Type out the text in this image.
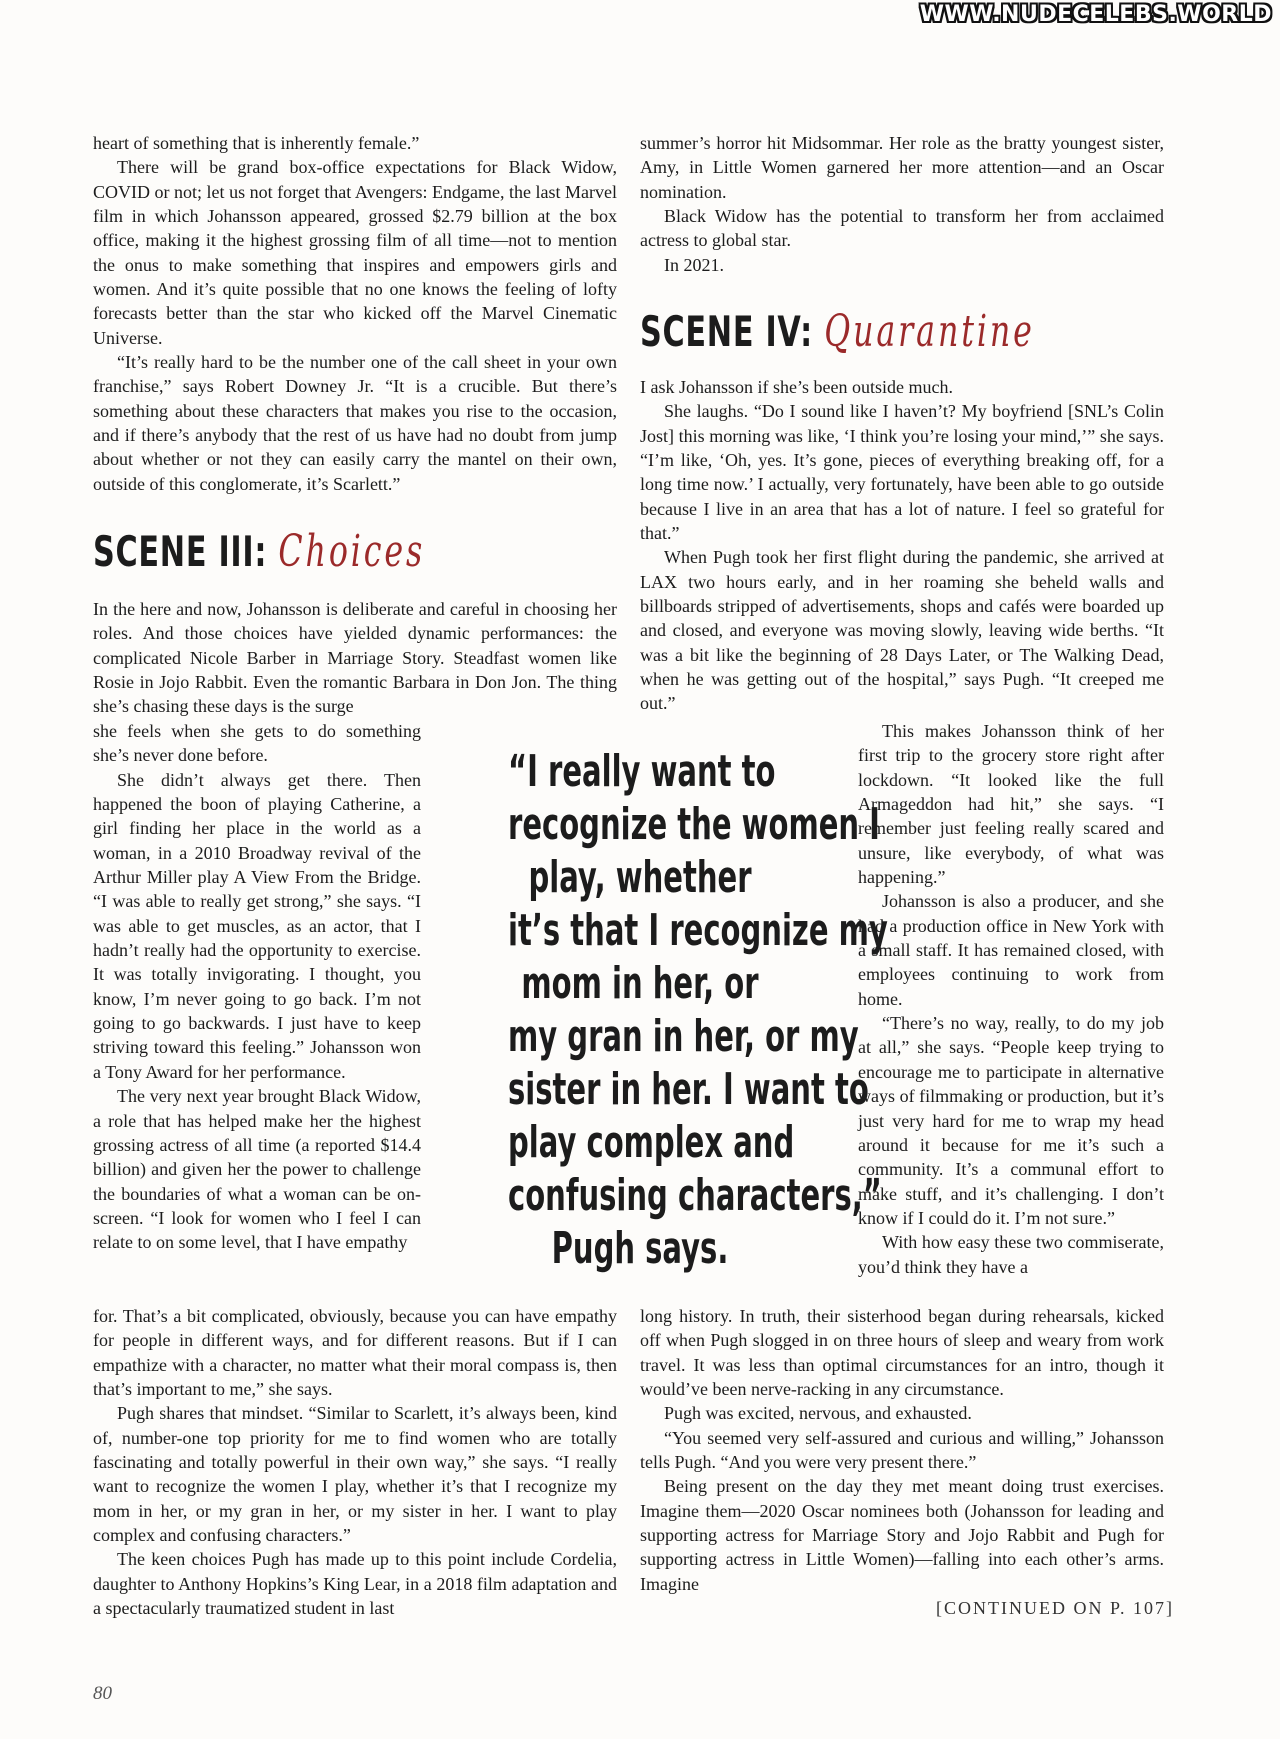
WWW.NUDECELEBS.WORLD

heart of something that is inherently female.”

There will be grand box-office expectations for Black Widow, COVID or not; let us not forget that Avengers: Endgame, the last Marvel film in which Johansson appeared, grossed $2.79 billion at the box office, making it the highest grossing film of all time—not to mention the onus to make something that inspires and empowers girls and women. And it’s quite possible that no one knows the feeling of lofty forecasts better than the star who kicked off the Marvel Cinematic Universe.

“It’s really hard to be the number one of the call sheet in your own franchise,” says Robert Downey Jr. “It is a crucible. But there’s something about these characters that makes you rise to the occasion, and if there’s anybody that the rest of us have had no doubt from jump about whether or not they can easily carry the mantel on their own, outside of this conglomerate, it’s Scarlett.”

SCENE III: Choices

In the here and now, Johansson is deliberate and careful in choosing her roles. And those choices have yielded dynamic performances: the complicated Nicole Barber in Marriage Story. Steadfast women like Rosie in Jojo Rabbit. Even the romantic Barbara in Don Jon. The thing she’s chasing these days is the surge

she feels when she gets to do something she’s never done before.

She didn’t always get there. Then happened the boon of playing Catherine, a girl finding her place in the world as a woman, in a 2010 Broadway revival of the Arthur Miller play A View From the Bridge. “I was able to really get strong,” she says. “I was able to get muscles, as an actor, that I hadn’t really had the opportunity to exercise. It was totally invigorating. I thought, you know, I’m never going to go back. I’m not going to go backwards. I just have to keep striving toward this feeling.” Johansson won a Tony Award for her performance.

The very next year brought Black Widow, a role that has helped make her the highest grossing actress of all time (a reported $14.4 billion) and given her the power to challenge the boundaries of what a woman can be on-screen. “I look for women who I feel I can relate to on some level, that I have empathy

for. That’s a bit complicated, obviously, because you can have empathy for people in different ways, and for different reasons. But if I can empathize with a character, no matter what their moral compass is, then that’s important to me,” she says.

Pugh shares that mindset. “Similar to Scarlett, it’s always been, kind of, number-one top priority for me to find women who are totally fascinating and totally powerful in their own way,” she says. “I really want to recognize the women I play, whether it’s that I recognize my mom in her, or my gran in her, or my sister in her. I want to play complex and confusing characters.”

The keen choices Pugh has made up to this point include Cordelia, daughter to Anthony Hopkins’s King Lear, in a 2018 film adaptation and a spectacularly traumatized student in last

summer’s horror hit Midsommar. Her role as the bratty youngest sister, Amy, in Little Women garnered her more attention—and an Oscar nomination.

Black Widow has the potential to transform her from acclaimed actress to global star.

In 2021.

SCENE IV: Quarantine

I ask Johansson if she’s been outside much.

She laughs. “Do I sound like I haven’t? My boyfriend [SNL’s Colin Jost] this morning was like, ‘I think you’re losing your mind,’” she says. “I’m like, ‘Oh, yes. It’s gone, pieces of everything breaking off, for a long time now.’ I actually, very fortunately, have been able to go outside because I live in an area that has a lot of nature. I feel so grateful for that.”

When Pugh took her first flight during the pandemic, she arrived at LAX two hours early, and in her roaming she beheld walls and billboards stripped of advertisements, shops and cafés were boarded up and closed, and everyone was moving slowly, leaving wide berths. “It was a bit like the beginning of 28 Days Later, or The Walking Dead, when he was getting out of the hospital,” says Pugh. “It creeped me out.”

This makes Johansson think of her first trip to the grocery store right after lockdown. “It looked like the full Armageddon had hit,” she says. “I remember just feeling really scared and unsure, like everybody, of what was happening.”

Johansson is also a producer, and she had a production office in New York with a small staff. It has remained closed, with employees continuing to work from home.

“There’s no way, really, to do my job at all,” she says. “People keep trying to encourage me to participate in alternative ways of filmmaking or production, but it’s just very hard for me to wrap my head around it because for me it’s such a community. It’s a communal effort to make stuff, and it’s challenging. I don’t know if I could do it. I’m not sure.”

With how easy these two commiserate, you’d think they have a

long history. In truth, their sisterhood began during rehearsals, kicked off when Pugh slogged in on three hours of sleep and weary from work travel. It was less than optimal circumstances for an intro, though it would’ve been nerve-racking in any circumstance.

Pugh was excited, nervous, and exhausted.

“You seemed very self-assured and curious and willing,” Johansson tells Pugh. “And you were very present there.”

Being present on the day they met meant doing trust exercises. Imagine them—2020 Oscar nominees both (Johansson for leading and supporting actress for Marriage Story and Jojo Rabbit and Pugh for supporting actress in Little Women)—falling into each other’s arms. Imagine

[CONTINUED ON P. 107]
“I really want to
recognize the women I
play, whether
it’s that I recognize my
mom in her, or
my gran in her, or my
sister in her. I want to
play complex and
confusing characters,”
Pugh says.
80
